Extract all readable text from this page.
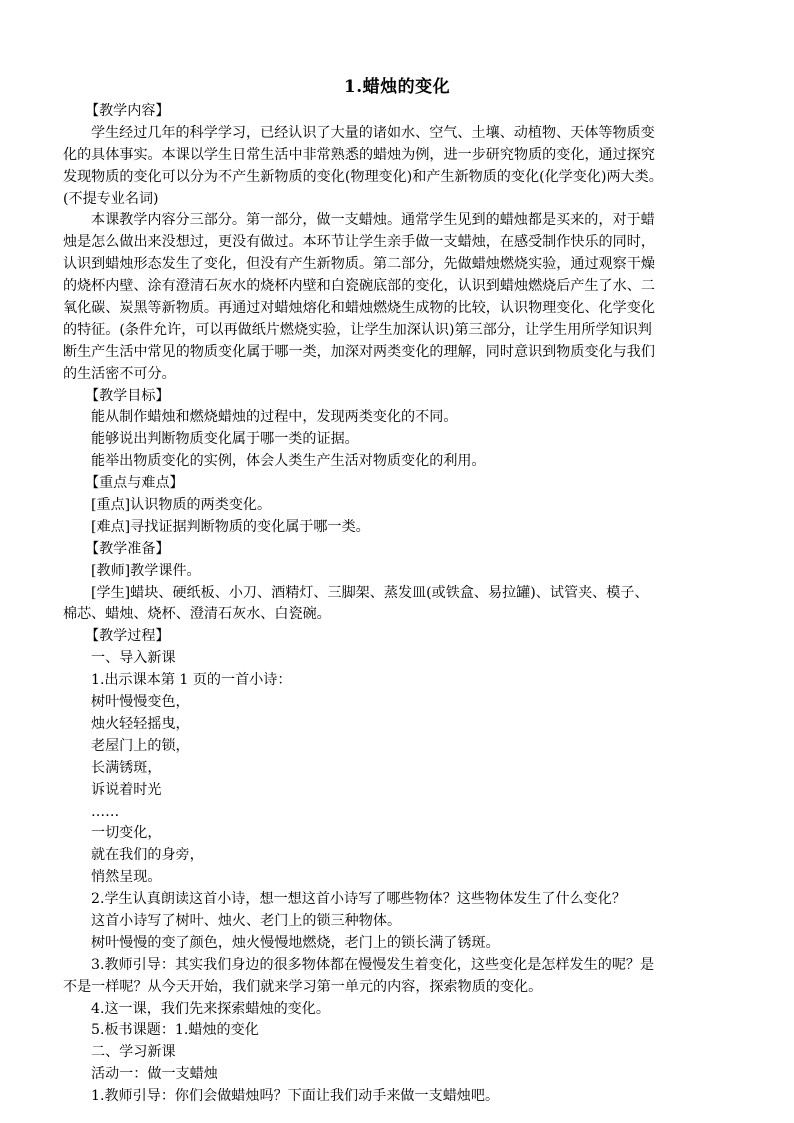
1.蜡烛的变化
【教学内容】
学生经过几年的科学学习，已经认识了大量的诸如水、空气、土壤、动植物、天体等物质变
化的具体事实。本课以学生日常生活中非常熟悉的蜡烛为例，进一步研究物质的变化，通过探究
发现物质的变化可以分为不产生新物质的变化(物理变化)和产生新物质的变化(化学变化)两大类。
(不提专业名词)
本课教学内容分三部分。第一部分，做一支蜡烛。通常学生见到的蜡烛都是买来的，对于蜡
烛是怎么做出来没想过，更没有做过。本环节让学生亲手做一支蜡烛，在感受制作快乐的同时，
认识到蜡烛形态发生了变化，但没有产生新物质。第二部分，先做蜡烛燃烧实验，通过观察干燥
的烧杯内壁、涂有澄清石灰水的烧杯内壁和白瓷碗底部的变化，认识到蜡烛燃烧后产生了水、二
氧化碳、炭黑等新物质。再通过对蜡烛熔化和蜡烛燃烧生成物的比较，认识物理变化、化学变化
的特征。(条件允许，可以再做纸片燃烧实验，让学生加深认识)第三部分，让学生用所学知识判
断生产生活中常见的物质变化属于哪一类，加深对两类变化的理解，同时意识到物质变化与我们
的生活密不可分。
【教学目标】
能从制作蜡烛和燃烧蜡烛的过程中，发现两类变化的不同。
能够说出判断物质变化属于哪一类的证据。
能举出物质变化的实例，体会人类生产生活对物质变化的利用。
【重点与难点】
[重点]认识物质的两类变化。
[难点]寻找证据判断物质的变化属于哪一类。
【教学准备】
[教师]教学课件。
[学生]蜡块、硬纸板、小刀、酒精灯、三脚架、蒸发皿(或铁盒、易拉罐)、试管夹、模子、
棉芯、蜡烛、烧杯、澄清石灰水、白瓷碗。
【教学过程】
一、导入新课
1.出示课本第 1 页的一首小诗：
树叶慢慢变色，
烛火轻轻摇曳，
老屋门上的锁，
长满锈斑，
诉说着时光
……
一切变化，
就在我们的身旁，
悄然呈现。
2.学生认真朗读这首小诗，想一想这首小诗写了哪些物体？这些物体发生了什么变化？
这首小诗写了树叶、烛火、老门上的锁三种物体。
树叶慢慢的变了颜色，烛火慢慢地燃烧，老门上的锁长满了锈斑。
3.教师引导：其实我们身边的很多物体都在慢慢发生着变化，这些变化是怎样发生的呢？是
不是一样呢？从今天开始，我们就来学习第一单元的内容，探索物质的变化。
4.这一课，我们先来探索蜡烛的变化。
5.板书课题：1.蜡烛的变化
二、学习新课
活动一：做一支蜡烛
1.教师引导：你们会做蜡烛吗？下面让我们动手来做一支蜡烛吧。
